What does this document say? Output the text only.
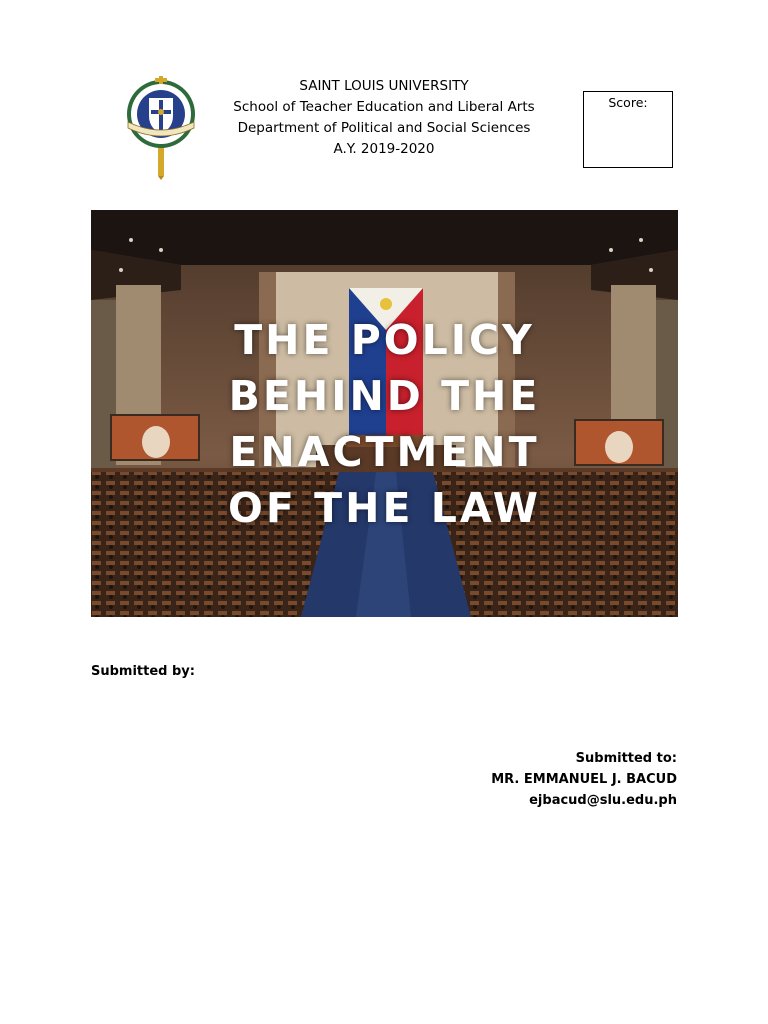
SAINT LOUIS UNIVERSITY
School of Teacher Education and Liberal Arts
Department of Political and Social Sciences
A.Y. 2019-2020
Score:
THE POLICY
BEHIND THE
ENACTMENT
OF THE LAW
Submitted by:
Submitted to:
MR. EMMANUEL J. BACUD
ejbacud@slu.edu.ph
